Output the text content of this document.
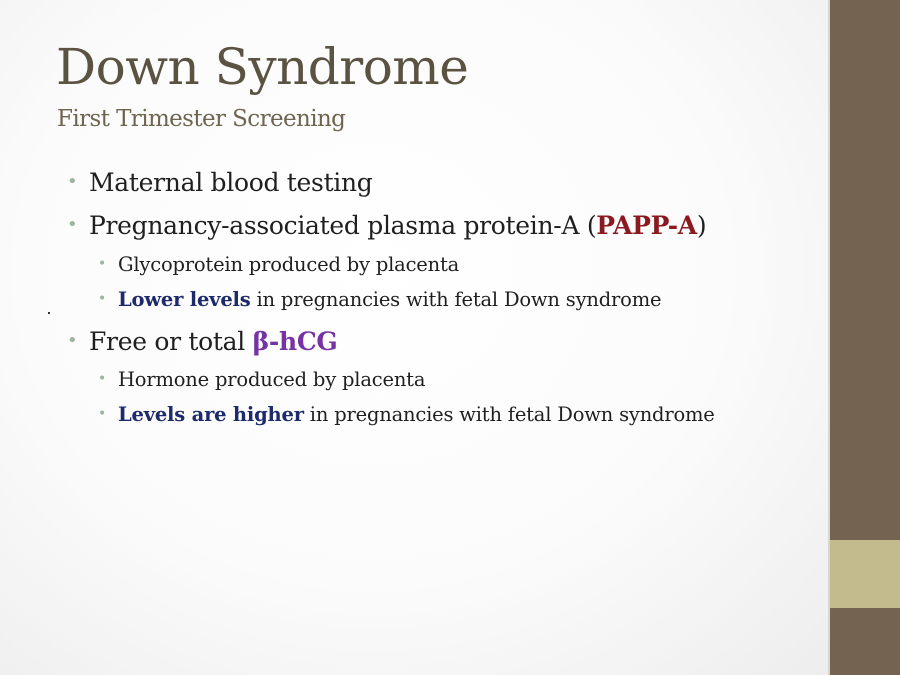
Down Syndrome
First Trimester Screening
• Maternal blood testing
• Pregnancy-associated plasma protein-A (PAPP-A)
• Glycoprotein produced by placenta
• Lower levels in pregnancies with fetal Down syndrome
• Free or total β-hCG
• Hormone produced by placenta
• Levels are higher in pregnancies with fetal Down syndrome
